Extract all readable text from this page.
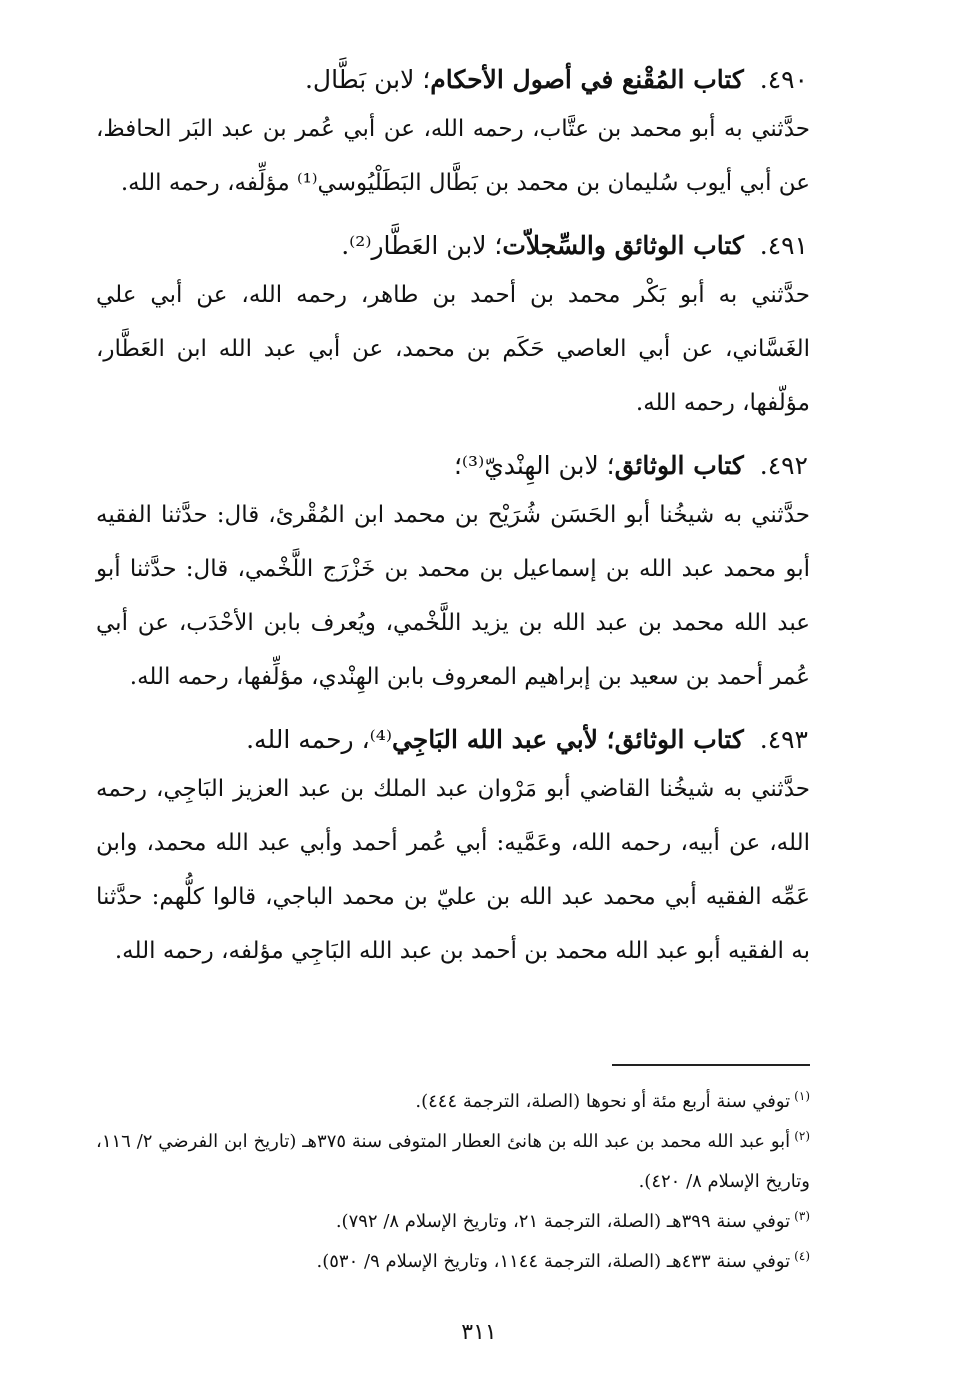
٤٩٠. كتاب المُقْنع في أصول الأحكام؛ لابن بَطَّال.

حدَّثني به أبو محمد بن عتَّاب، رحمه الله، عن أبي عُمر بن عبد البَر الحافظ، عن أبي أيوب سُليمان بن محمد بن بَطَّال البَطَلْيُوسي⁽¹⁾ مؤلِّفه، رحمه الله.

٤٩١. كتاب الوثائق والسِّجلاّت؛ لابن العَطَّار⁽²⁾.

حدَّثني به أبو بَكْر محمد بن أحمد بن طاهر، رحمه الله، عن أبي علي الغَسَّاني، عن أبي العاصي حَكَم بن محمد، عن أبي عبد الله ابن العَطَّار، مؤلّفها، رحمه الله.

٤٩٢. كتاب الوثائق؛ لابن الهِنْديّ⁽³⁾؛

حدَّثني به شيخُنا أبو الحَسَن شُرَيْح بن محمد ابن المُقْرئ، قال: حدَّثنا الفقيه أبو محمد عبد الله بن إسماعيل بن محمد بن خَزْرَج اللَّخْمي، قال: حدَّثنا أبو عبد الله محمد بن عبد الله بن يزيد اللَّخْمي، ويُعرف بابن الأحْدَب، عن أبي عُمر أحمد بن سعيد بن إبراهيم المعروف بابن الهِنْدي، مؤلِّفها، رحمه الله.

٤٩٣. كتاب الوثائق؛ لأبي عبد الله البَاجِي⁽⁴⁾، رحمه الله.

حدَّثني به شيخُنا القاضي أبو مَرْوان عبد الملك بن عبد العزيز البَاجِي، رحمه الله، عن أبيه، رحمه الله، وعَمَّيه: أبي عُمر أحمد وأبي عبد الله محمد، وابن عَمِّه الفقيه أبي محمد عبد الله بن عليّ بن محمد الباجي، قالوا كلُّهم: حدَّثنا به الفقيه أبو عبد الله محمد بن أحمد بن عبد الله البَاجِي مؤلفه، رحمه الله.

$^{(١)}$توفي سنة أربع مئة أو نحوها (الصلة، الترجمة ٤٤٤).

$^{(٢)}$أبو عبد الله محمد بن عبد الله بن هانئ العطار المتوفى سنة ٣٧٥هـ (تاريخ ابن الفرضي ٢/ ١١٦، وتاريخ الإسلام ٨/ ٤٢٠).

$^{(٣)}$توفي سنة ٣٩٩هـ (الصلة، الترجمة ٢١، وتاريخ الإسلام ٨/ ٧٩٢).

$^{(٤)}$توفي سنة ٤٣٣هـ (الصلة، الترجمة ١١٤٤، وتاريخ الإسلام ٩/ ٥٣٠).

٣١١
